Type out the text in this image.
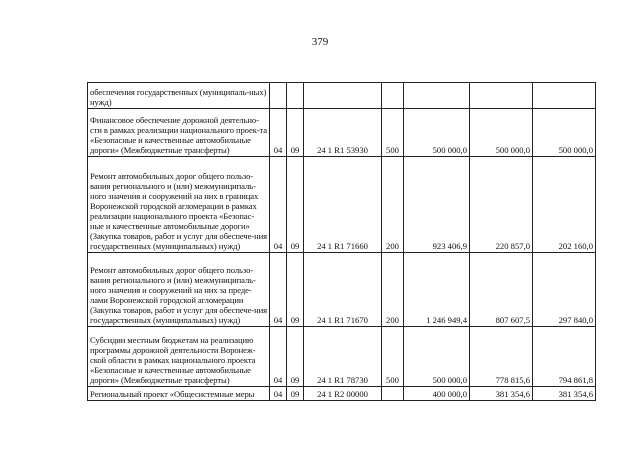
379
обеспечения государственных (муниципаль-ных) нужд)							
Финансовое обеспечение дорожной деятельно-сти в рамках реализации национального проек-та «Безопасные и качественные автомобильные дороги» (Межбюджетные трансферты)	04	09	24 1 R1 53930	500	500 000,0	500 000,0	500 000,0
Ремонт автомобильных дорог общего пользо-вания регионального и (или) межмуниципаль-ного значения и сооружений на них в границах Воронежской городской агломерации в рамках реализации национального проекта «Безопас-ные и качественные автомобильные дороги» (Закупка товаров, работ и услуг для обеспече-ния государственных (муниципальных) нужд)	04	09	24 1 R1 71660	200	923 406,9	220 857,0	202 160,0
Ремонт автомобильных дорог общего пользо-вания регионального и (или) межмуниципаль-ного значения и сооружений на них за преде-лами Воронежской городской агломерации (Закупка товаров, работ и услуг для обеспече-ния государственных (муниципальных) нужд)	04	09	24 1 R1 71670	200	1 246 949,4	807 607,5	297 840,0
Субсидии местным бюджетам на реализацию программы дорожной деятельности Воронеж-ской области в рамках национального проекта «Безопасные и качественные автомобильные дороги» (Межбюджетные трансферты)	04	09	24 1 R1 78730	500	500 000,0	778 815,6	794 861,8
Региональный проект «Общесистемные меры	04	09	24 1 R2 00000		400 000,0	381 354,6	381 354,6
